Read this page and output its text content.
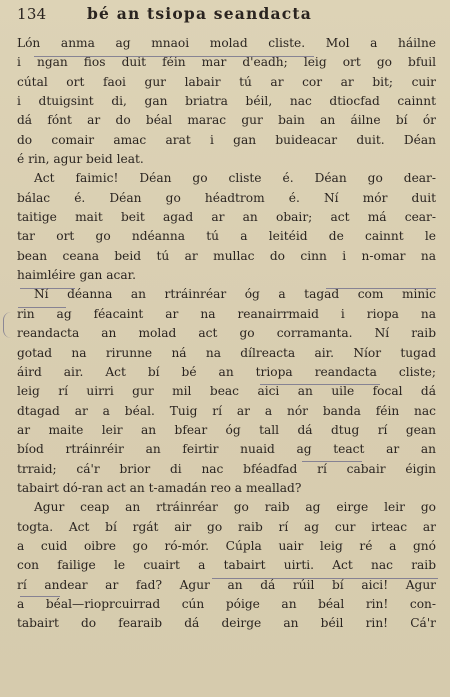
134	bé an tsiopa seandacta
Lón anma ag mnaoi molad cliste. Mol a háilne
i ngan fios duit féin mar d'eadh; leig ort go bfuil
cútal ort faoi gur labair tú ar cor ar bit; cuir
i dtuigsint di, gan briatra béil, nac dtiocfad cainnt
dá fónt ar do béal marac gur bain an áilne bí ór
do comair amac arat i gan buideacar duit. Déan
é rin, agur beid leat.
Act faimic! Déan go cliste é. Déan go dear-
bálac é. Déan go héadtrom é. Ní mór duit
taitige mait beit agad ar an obair; act má cear-
tar ort go ndéanna tú a leitéid de cainnt le
bean ceana beid tú ar mullac do cinn i n-omar na
haimléire gan acar.
Ní déanna an rtráinréar óg a tagad com minic
rin ag féacaint ar na reanairrmaid i riopa na
reandacta an molad act go corramanta. Ní raib
gotad na rirunne ná na dílreacta air. Níor tugad
áird air. Act bí bé an triopa reandacta cliste;
leig rí uirri gur mil beac aici an uile focal dá
dtagad ar a béal. Tuig rí ar a nór banda féin nac
ar maite leir an bfear óg tall dá dtug rí gean
bíod rtráinréir an feirtir nuaid ag teact ar an
trraid; cá'r brior di nac bféadfad rí cabair éigin
tabairt dó-ran act an t-amadán reo a meallad?
Agur ceap an rtráinréar go raib ag eirge leir go
togta. Act bí rgát air go raib rí ag cur irteac ar
a cuid oibre go ró-mór. Cúpla uair leig ré a gnó
con failige le cuairt a tabairt uirti. Act nac raib
rí andear ar fad? Agur an dá rúil bí aici! Agur
a béal—rioprcuirrad cún póige an béal rin! con-
tabairt do fearaib dá deirge an béil rin! Cá'r
